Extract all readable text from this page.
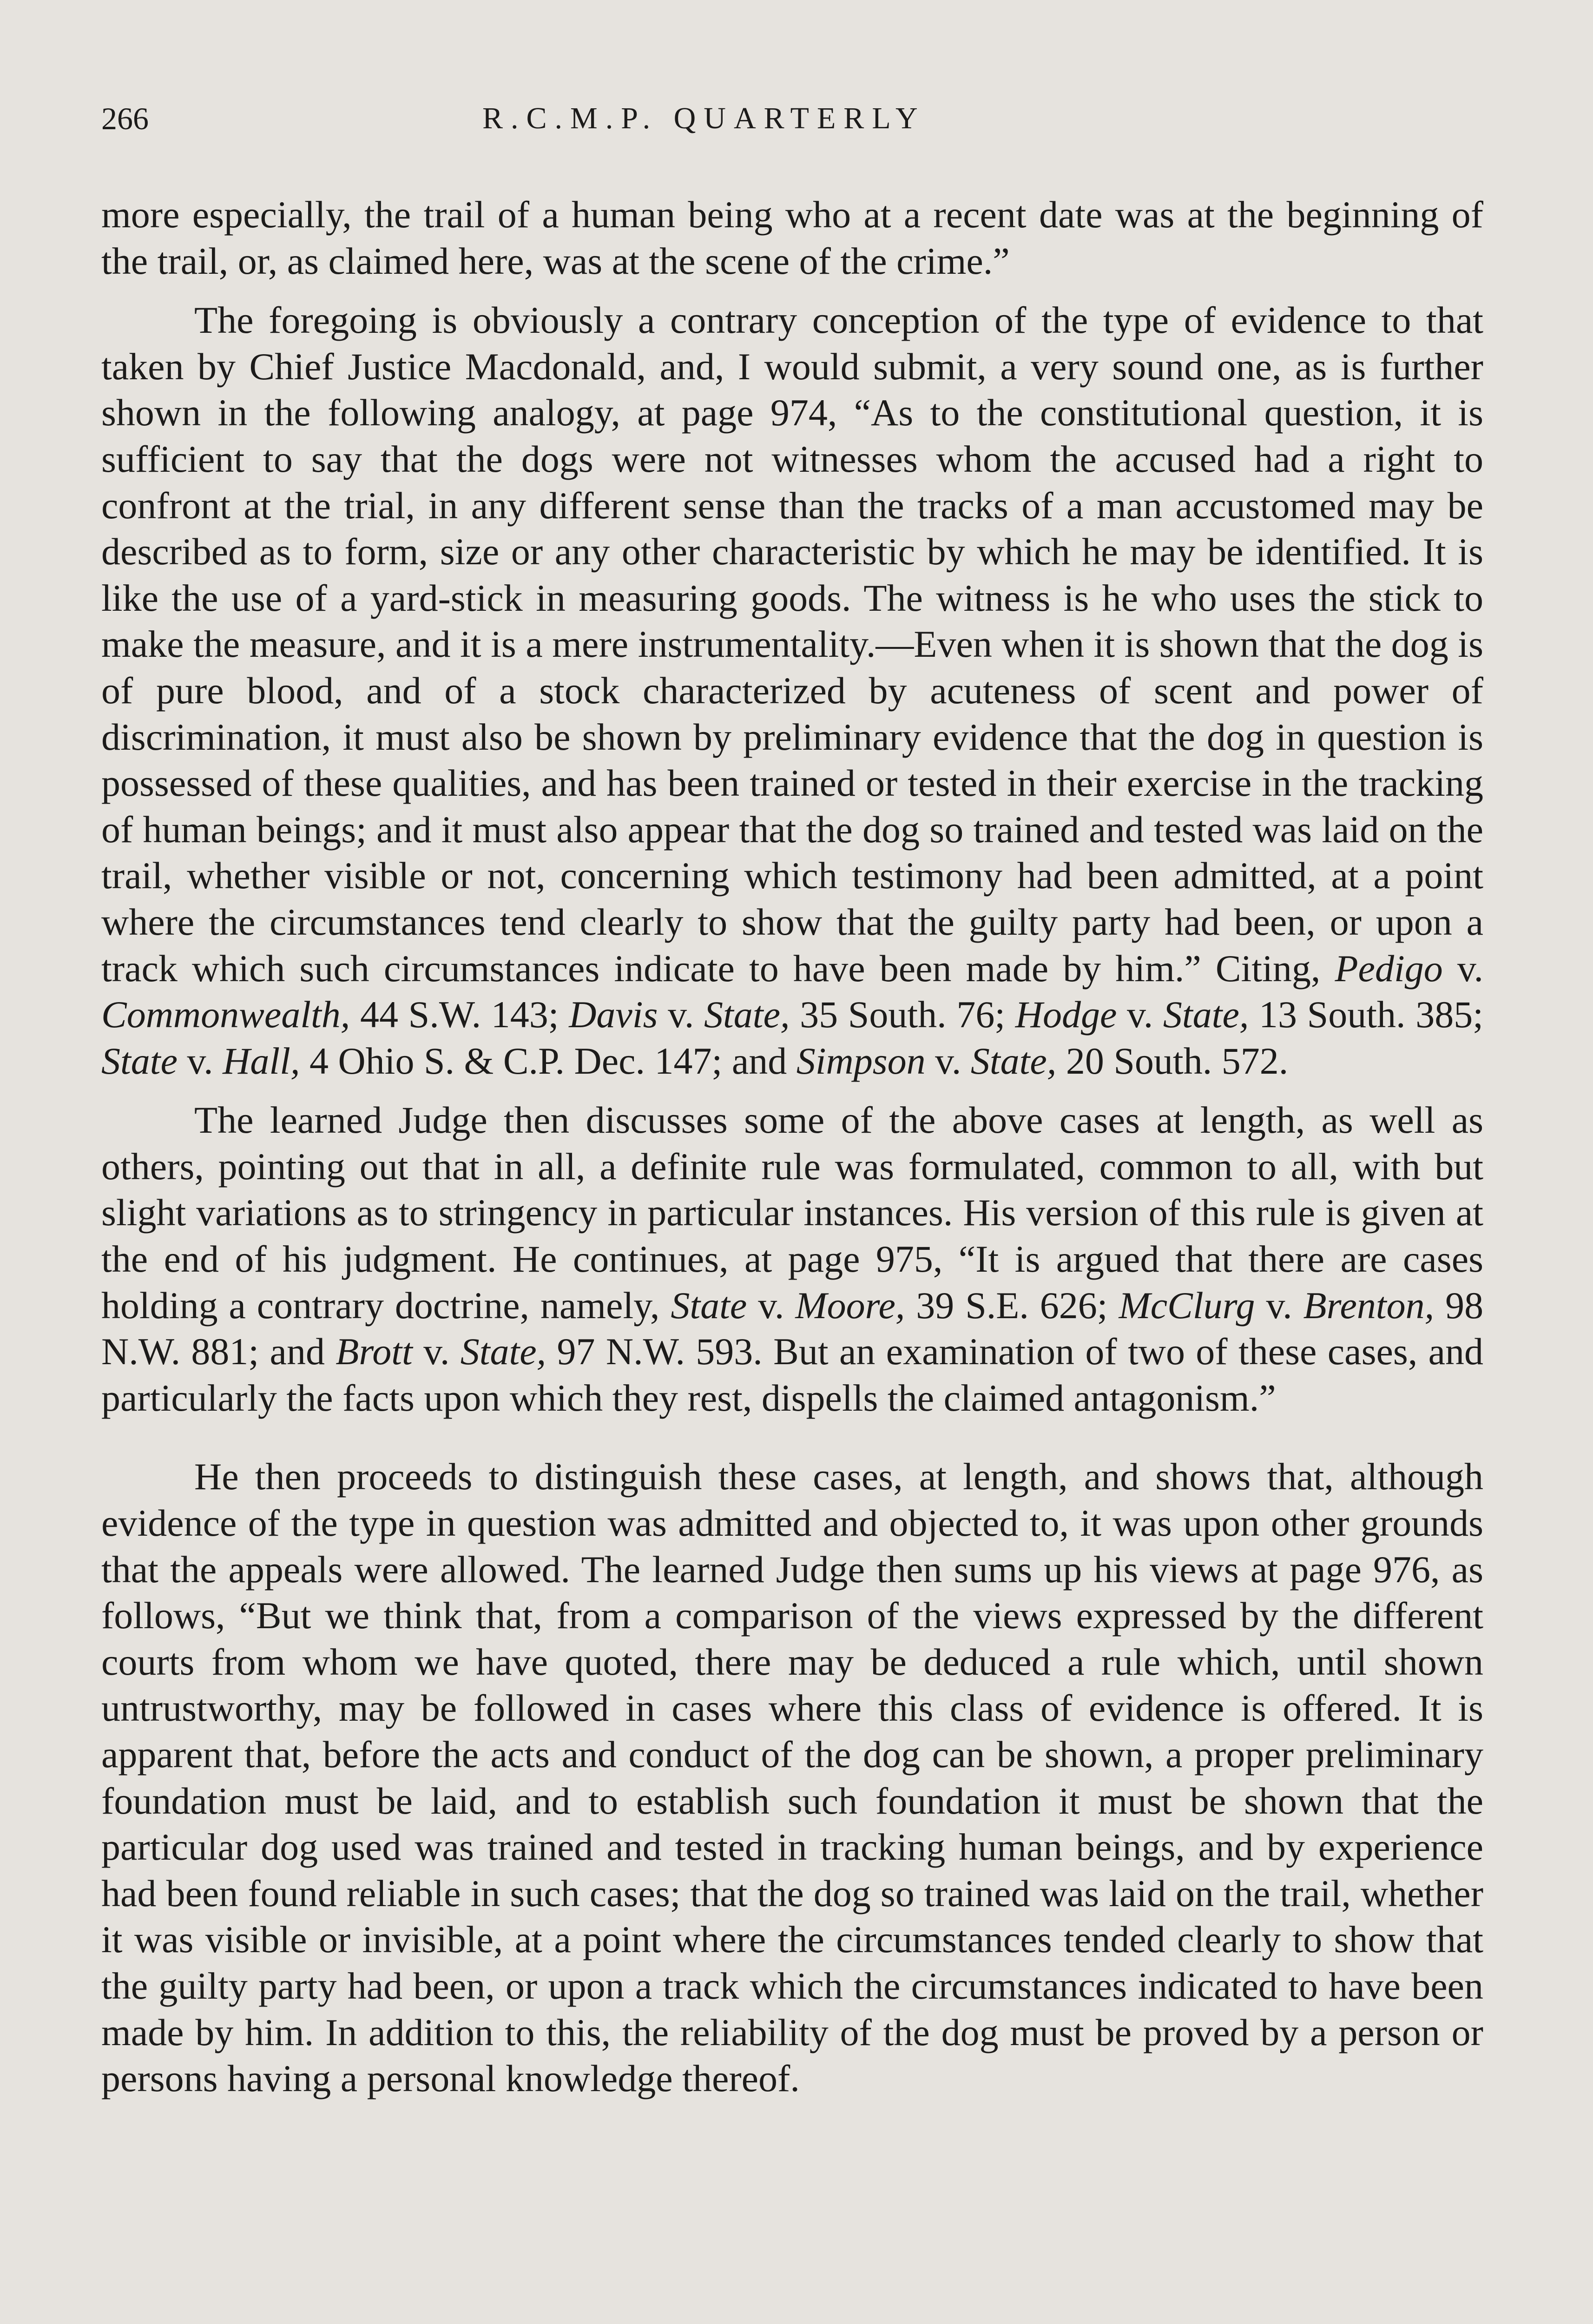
266	R.C.M.P. QUARTERLY

more especially, the trail of a human being who at a recent date was at the beginning of the trail, or, as claimed here, was at the scene of the crime.”

The foregoing is obviously a contrary conception of the type of evidence to that taken by Chief Justice Macdonald, and, I would submit, a very sound one, as is further shown in the following analogy, at page 974, “As to the constitutional question, it is sufficient to say that the dogs were not witnesses whom the accused had a right to confront at the trial, in any different sense than the tracks of a man accustomed may be described as to form, size or any other characteristic by which he may be identified. It is like the use of a yard-stick in measuring goods. The witness is he who uses the stick to make the measure, and it is a mere instrumentality.—Even when it is shown that the dog is of pure blood, and of a stock characterized by acuteness of scent and power of discrimination, it must also be shown by preliminary evidence that the dog in question is possessed of these qualities, and has been trained or tested in their exercise in the tracking of human beings; and it must also appear that the dog so trained and tested was laid on the trail, whether visible or not, concerning which testimony had been admitted, at a point where the circumstances tend clearly to show that the guilty party had been, or upon a track which such circumstances indicate to have been made by him.” Citing, Pedigo v. Commonwealth, 44 S.W. 143; Davis v. State, 35 South. 76; Hodge v. State, 13 South. 385; State v. Hall, 4 Ohio S. & C.P. Dec. 147; and Simpson v. State, 20 South. 572.

The learned Judge then discusses some of the above cases at length, as well as others, pointing out that in all, a definite rule was formulated, common to all, with but slight variations as to stringency in particular instances. His version of this rule is given at the end of his judgment. He continues, at page 975, “It is argued that there are cases holding a contrary doctrine, namely, State v. Moore, 39 S.E. 626; McClurg v. Brenton, 98 N.W. 881; and Brott v. State, 97 N.W. 593. But an examination of two of these cases, and particularly the facts upon which they rest, dispells the claimed antagonism.”

He then proceeds to distinguish these cases, at length, and shows that, although evidence of the type in question was admitted and objected to, it was upon other grounds that the appeals were allowed. The learned Judge then sums up his views at page 976, as follows, “But we think that, from a comparison of the views expressed by the different courts from whom we have quoted, there may be deduced a rule which, until shown untrustworthy, may be followed in cases where this class of evidence is offered. It is apparent that, before the acts and conduct of the dog can be shown, a proper preliminary foundation must be laid, and to establish such foundation it must be shown that the particular dog used was trained and tested in tracking human beings, and by experience had been found reliable in such cases; that the dog so trained was laid on the trail, whether it was visible or invisible, at a point where the circumstances tended clearly to show that the guilty party had been, or upon a track which the circumstances indicated to have been made by him. In addition to this, the reliability of the dog must be proved by a person or persons having a personal knowledge thereof.
